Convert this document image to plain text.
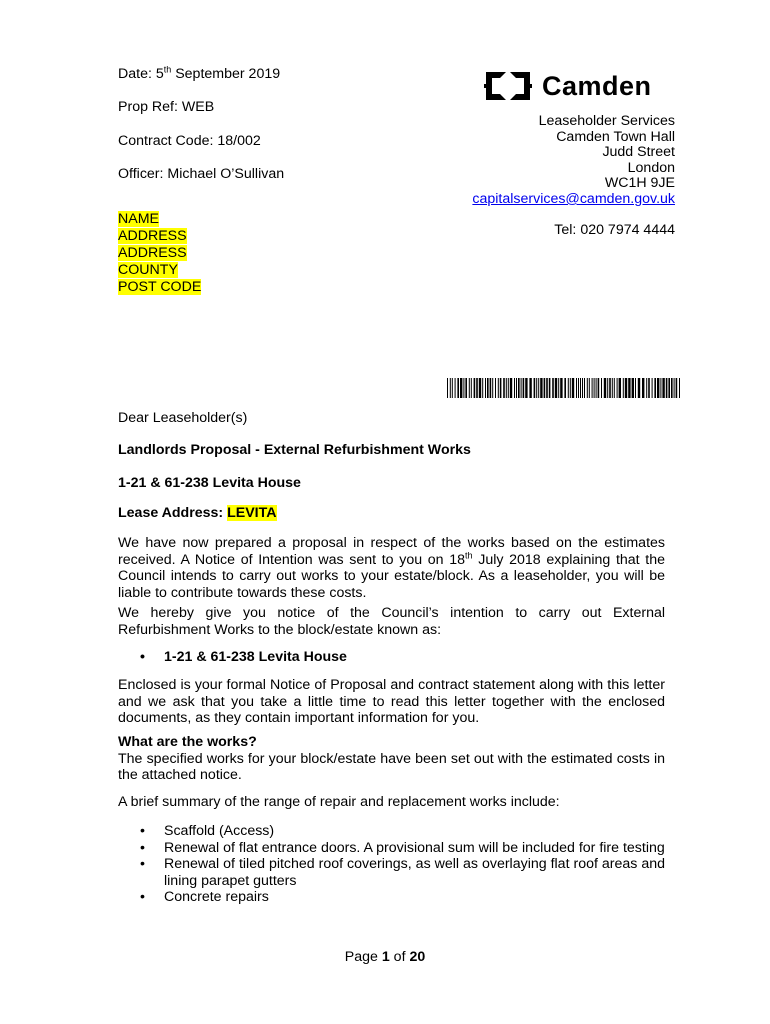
Date: 5th September 2019
Prop Ref: WEB
Contract Code: 18/002
Officer: Michael O’Sullivan
NAME
ADDRESS
ADDRESS
COUNTY
POST CODE
Camden
Leaseholder Services
Camden Town Hall
Judd Street
London
WC1H 9JE
capitalservices@camden.gov.uk
Tel: 020 7974 4444
Dear Leaseholder(s)
Landlords Proposal - External Refurbishment Works
1-21 & 61-238 Levita House
Lease Address: LEVITA

We have now prepared a proposal in respect of the works based on the estimates received. A Notice of Intention was sent to you on 18th July 2018 explaining that the Council intends to carry out works to your estate/block. As a leaseholder, you will be liable to contribute towards these costs.

We hereby give you notice of the Council’s intention to carry out External Refurbishment Works to the block/estate known as:

• 1-21 & 61-238 Levita House

Enclosed is your formal Notice of Proposal and contract statement along with this letter and we ask that you take a little time to read this letter together with the enclosed documents, as they contain important information for you.

What are the works?

The specified works for your block/estate have been set out with the estimated costs in the attached notice.

A brief summary of the range of repair and replacement works include:
• Scaffold (Access)
• Renewal of flat entrance doors. A provisional sum will be included for fire testing
• Renewal of tiled pitched roof coverings, as well as overlaying flat roof areas and lining parapet gutters
• Concrete repairs
Page 1 of 20
